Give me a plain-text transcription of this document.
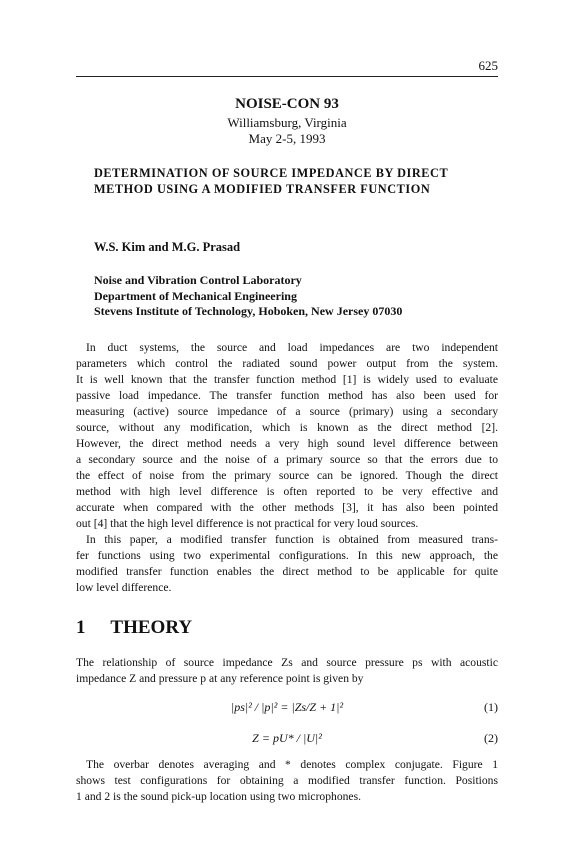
625
NOISE-CON 93
Williamsburg, Virginia
May 2-5, 1993
DETERMINATION OF SOURCE IMPEDANCE BY DIRECT
METHOD USING A MODIFIED TRANSFER FUNCTION
W.S. Kim and M.G. Prasad
Noise and Vibration Control Laboratory
Department of Mechanical Engineering
Stevens Institute of Technology, Hoboken, New Jersey 07030
In duct systems, the source and load impedances are two independent
parameters which control the radiated sound power output from the system.
It is well known that the transfer function method [1] is widely used to evaluate
passive load impedance. The transfer function method has also been used for
measuring (active) source impedance of a source (primary) using a secondary
source, without any modification, which is known as the direct method [2].
However, the direct method needs a very high sound level difference between
a secondary source and the noise of a primary source so that the errors due to
the effect of noise from the primary source can be ignored. Though the direct
method with high level difference is often reported to be very effective and
accurate when compared with the other methods [3], it has also been pointed
out [4] that the high level difference is not practical for very loud sources.
In this paper, a modified transfer function is obtained from measured trans-
fer functions using two experimental configurations. In this new approach, the
modified transfer function enables the direct method to be applicable for quite
low level difference.
1 THEORY
The relationship of source impedance Zs and source pressure ps with acoustic
impedance Z and pressure p at any reference point is given by
|ps|² / |p|² = |Zs/Z + 1|²	(1)
Z = pU* / |U|²	(2)
The overbar denotes averaging and * denotes complex conjugate. Figure 1
shows test configurations for obtaining a modified transfer function. Positions
1 and 2 is the sound pick-up location using two microphones.
